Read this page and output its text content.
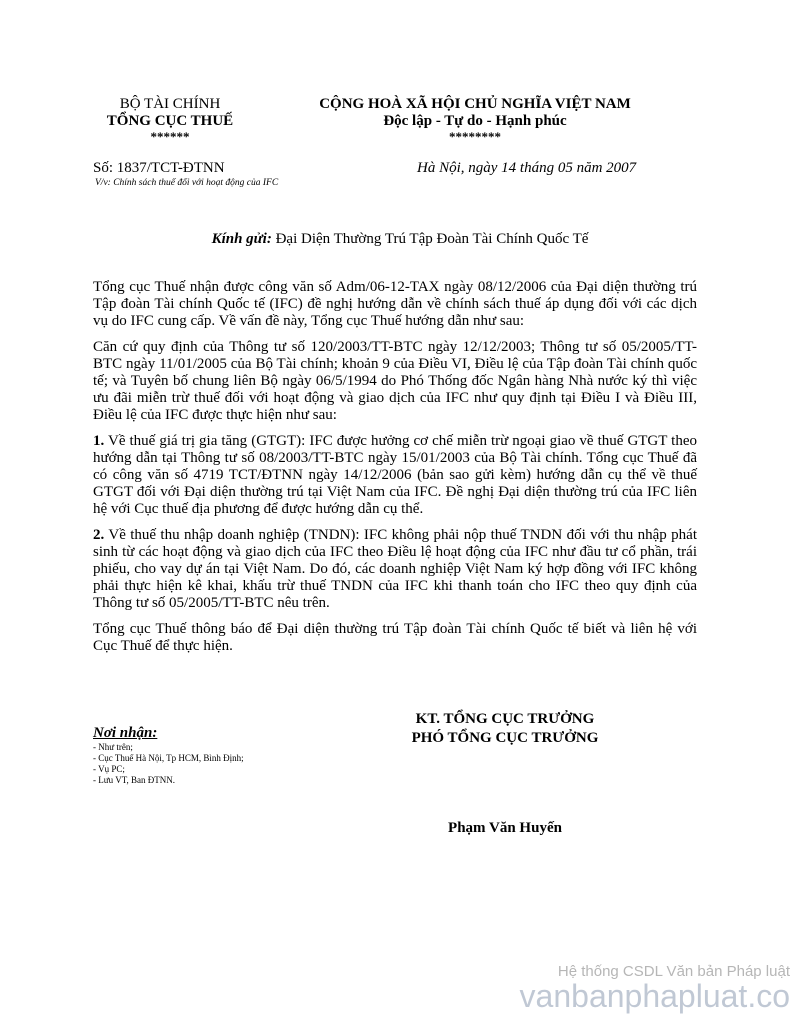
BỘ TÀI CHÍNH
TỔNG CỤC THUẾ
******
CỘNG HOÀ XÃ HỘI CHỦ NGHĨA VIỆT NAM
Độc lập - Tự do - Hạnh phúc
********
Số: 1837/TCT-ĐTNN
V/v: Chính sách thuế đối với hoạt động của IFC
Hà Nội, ngày 14 tháng 05 năm 2007
Kính gửi: Đại Diện Thường Trú Tập Đoàn Tài Chính Quốc Tế

Tổng cục Thuế nhận được công văn số Adm/06-12-TAX ngày 08/12/2006 của Đại diện thường trú Tập đoàn Tài chính Quốc tế (IFC) đề nghị hướng dẫn về chính sách thuế áp dụng đối với các dịch vụ do IFC cung cấp. Về vấn đề này, Tổng cục Thuế hướng dẫn như sau:

Căn cứ quy định của Thông tư số 120/2003/TT-BTC ngày 12/12/2003; Thông tư số 05/2005/TT-BTC ngày 11/01/2005 của Bộ Tài chính; khoản 9 của Điều VI, Điều lệ của Tập đoàn Tài chính quốc tế; và Tuyên bố chung liên Bộ ngày 06/5/1994 do Phó Thống đốc Ngân hàng Nhà nước ký thì việc ưu đãi miễn trừ thuế đối với hoạt động và giao dịch của IFC như quy định tại Điều I và Điều III, Điều lệ của IFC được thực hiện như sau:

1. Về thuế giá trị gia tăng (GTGT): IFC được hưởng cơ chế miễn trừ ngoại giao về thuế GTGT theo hướng dẫn tại Thông tư số 08/2003/TT-BTC ngày 15/01/2003 của Bộ Tài chính. Tổng cục Thuế đã có công văn số 4719 TCT/ĐTNN ngày 14/12/2006 (bản sao gửi kèm) hướng dẫn cụ thể về thuế GTGT đối với Đại diện thường trú tại Việt Nam của IFC. Đề nghị Đại diện thường trú của IFC liên hệ với Cục thuế địa phương để được hướng dẫn cụ thể.

2. Về thuế thu nhập doanh nghiệp (TNDN): IFC không phải nộp thuế TNDN đối với thu nhập phát sinh từ các hoạt động và giao dịch của IFC theo Điều lệ hoạt động của IFC như đầu tư cổ phần, trái phiếu, cho vay dự án tại Việt Nam. Do đó, các doanh nghiệp Việt Nam ký hợp đồng với IFC không phải thực hiện kê khai, khấu trừ thuế TNDN của IFC khi thanh toán cho IFC theo quy định của Thông tư số 05/2005/TT-BTC nêu trên.

Tổng cục Thuế thông báo để Đại diện thường trú Tập đoàn Tài chính Quốc tế biết và liên hệ với Cục Thuế để thực hiện.

Nơi nhận:
- Như trên;
- Cục Thuế Hà Nội, Tp HCM, Bình Định;
- Vụ PC;
- Lưu VT, Ban ĐTNN.
KT. TỔNG CỤC TRƯỞNG
PHÓ TỔNG CỤC TRƯỞNG
Phạm Văn Huyến
Hệ thống CSDL Văn bản Pháp luật
vanbanphapluat.co
